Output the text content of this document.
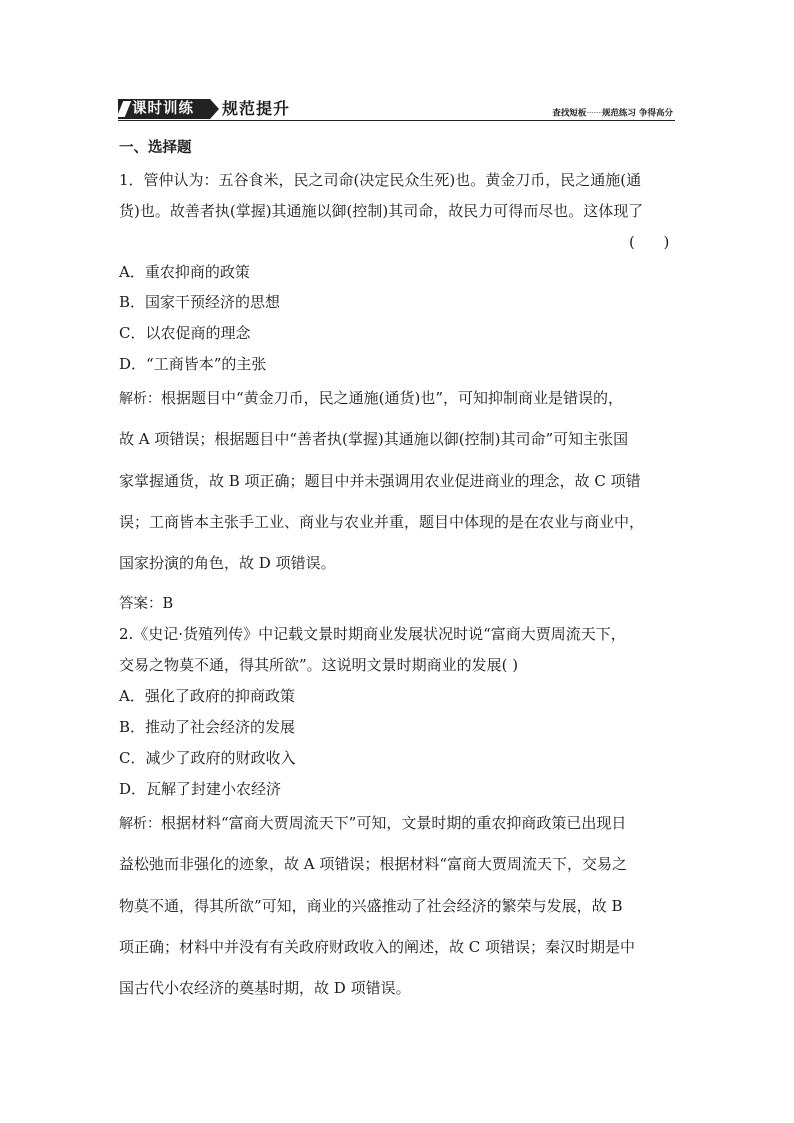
课时训练	规范提升	查找短板·········规范练习 争得高分
一、选择题
1．管仲认为：五谷食米，民之司命(决定民众生死)也。黄金刀币，民之通施(通
货)也。故善者执(掌握)其通施以御(控制)其司命，故民力可得而尽也。这体现了
(      )
A．重农抑商的政策
B．国家干预经济的思想
C．以农促商的理念
D．“工商皆本”的主张
解析：根据题目中“黄金刀币，民之通施(通货)也”，可知抑制商业是错误的，
故 A 项错误；根据题目中“善者执(掌握)其通施以御(控制)其司命”可知主张国
家掌握通货，故 B 项正确；题目中并未强调用农业促进商业的理念，故 C 项错
误；工商皆本主张手工业、商业与农业并重，题目中体现的是在农业与商业中，
国家扮演的角色，故 D 项错误。
答案：B
2.《史记·货殖列传》中记载文景时期商业发展状况时说“富商大贾周流天下，
交易之物莫不通，得其所欲”。这说明文景时期商业的发展( )
A．强化了政府的抑商政策
B．推动了社会经济的发展
C．减少了政府的财政收入
D．瓦解了封建小农经济
解析：根据材料“富商大贾周流天下”可知，文景时期的重农抑商政策已出现日
益松弛而非强化的迹象，故 A 项错误；根据材料“富商大贾周流天下，交易之
物莫不通，得其所欲”可知，商业的兴盛推动了社会经济的繁荣与发展，故 B
项正确；材料中并没有有关政府财政收入的阐述，故 C 项错误；秦汉时期是中
国古代小农经济的奠基时期，故 D 项错误。
